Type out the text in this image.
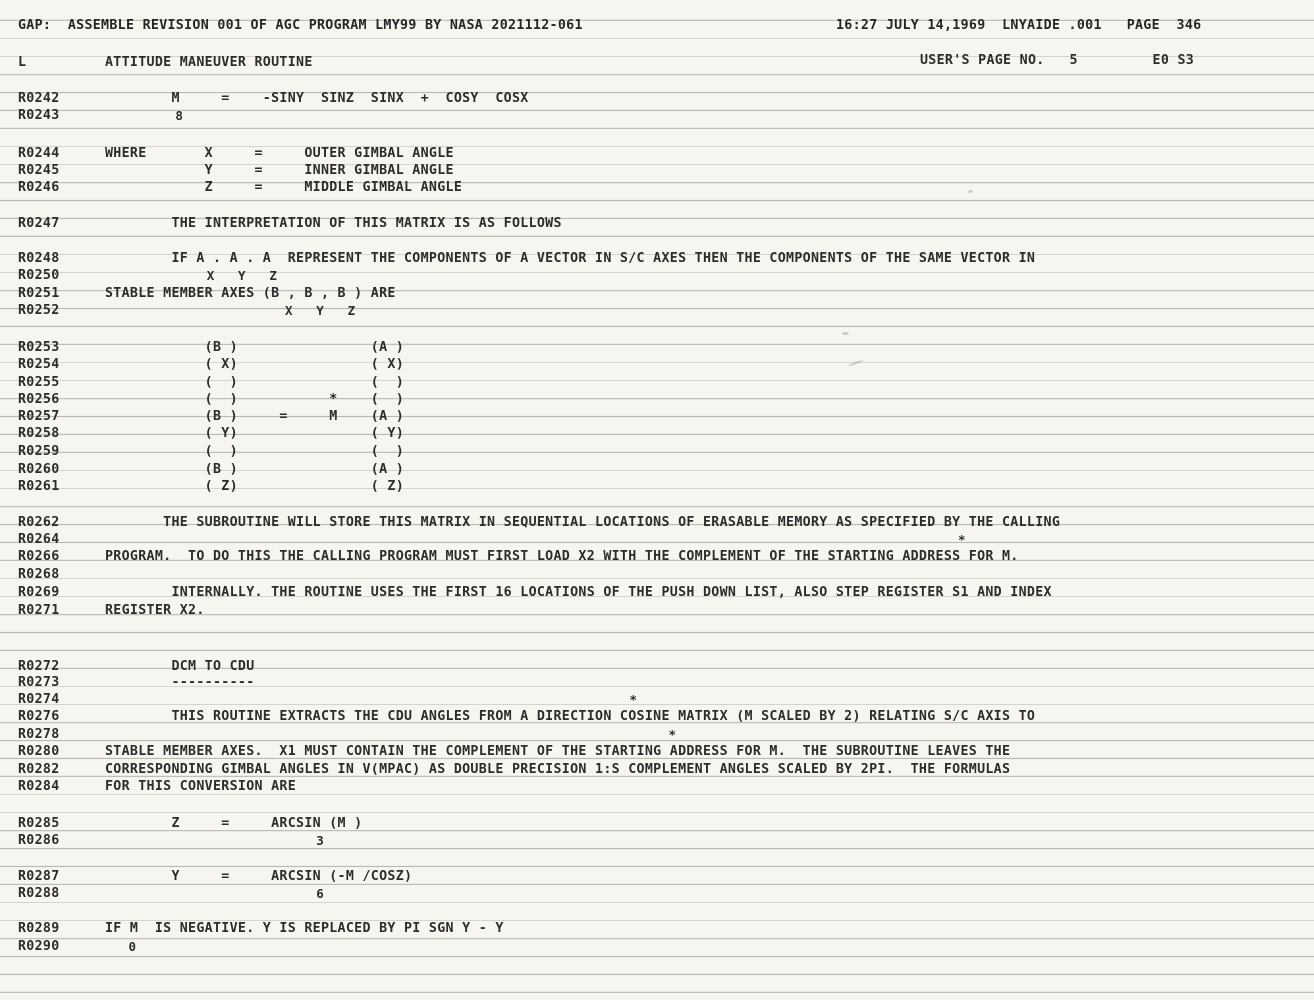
GAP:  ASSEMBLE REVISION 001 OF AGC PROGRAM LMY99 BY NASA 2021112-061	16:27 JULY 14,1969  LNYAIDE .001   PAGE  346
L	ATTITUDE MANEUVER ROUTINE	USER'S PAGE NO.   5         E0 S3
R0242	M     =    -SINY  SINZ  SINX  +  COSY  COSX
R0243	8
R0244	WHERE       X     =     OUTER GIMBAL ANGLE
R0245	Y     =     INNER GIMBAL ANGLE
R0246	Z     =     MIDDLE GIMBAL ANGLE
R0247	THE INTERPRETATION OF THIS MATRIX IS AS FOLLOWS
R0248	IF A . A . A  REPRESENT THE COMPONENTS OF A VECTOR IN S/C AXES THEN THE COMPONENTS OF THE SAME VECTOR IN
R0250	X   Y   Z
R0251	STABLE MEMBER AXES (B , B , B ) ARE
R0252	X   Y   Z
R0253	(B )                (A )
R0254	( X)                ( X)
R0255	(  )                (  )
R0256	(  )           *    (  )
R0257	(B )     =     M    (A )
R0258	( Y)                ( Y)
R0259	(  )                (  )
R0260	(B )                (A )
R0261	( Z)                ( Z)
R0262	THE SUBROUTINE WILL STORE THIS MATRIX IN SEQUENTIAL LOCATIONS OF ERASABLE MEMORY AS SPECIFIED BY THE CALLING
R0264	*
R0266	PROGRAM.  TO DO THIS THE CALLING PROGRAM MUST FIRST LOAD X2 WITH THE COMPLEMENT OF THE STARTING ADDRESS FOR M.
R0268
R0269	INTERNALLY. THE ROUTINE USES THE FIRST 16 LOCATIONS OF THE PUSH DOWN LIST, ALSO STEP REGISTER S1 AND INDEX
R0271	REGISTER X2.
R0272	DCM TO CDU
R0273	----------
R0274	*
R0276	THIS ROUTINE EXTRACTS THE CDU ANGLES FROM A DIRECTION COSINE MATRIX (M SCALED BY 2) RELATING S/C AXIS TO
R0278	*
R0280	STABLE MEMBER AXES.  X1 MUST CONTAIN THE COMPLEMENT OF THE STARTING ADDRESS FOR M.  THE SUBROUTINE LEAVES THE
R0282	CORRESPONDING GIMBAL ANGLES IN V(MPAC) AS DOUBLE PRECISION 1:S COMPLEMENT ANGLES SCALED BY 2PI.  THE FORMULAS
R0284	FOR THIS CONVERSION ARE
R0285	Z     =     ARCSIN (M )
R0286	3
R0287	Y     =     ARCSIN (-M /COSZ)
R0288	6
R0289	IF M  IS NEGATIVE. Y IS REPLACED BY PI SGN Y - Y
R0290	0
